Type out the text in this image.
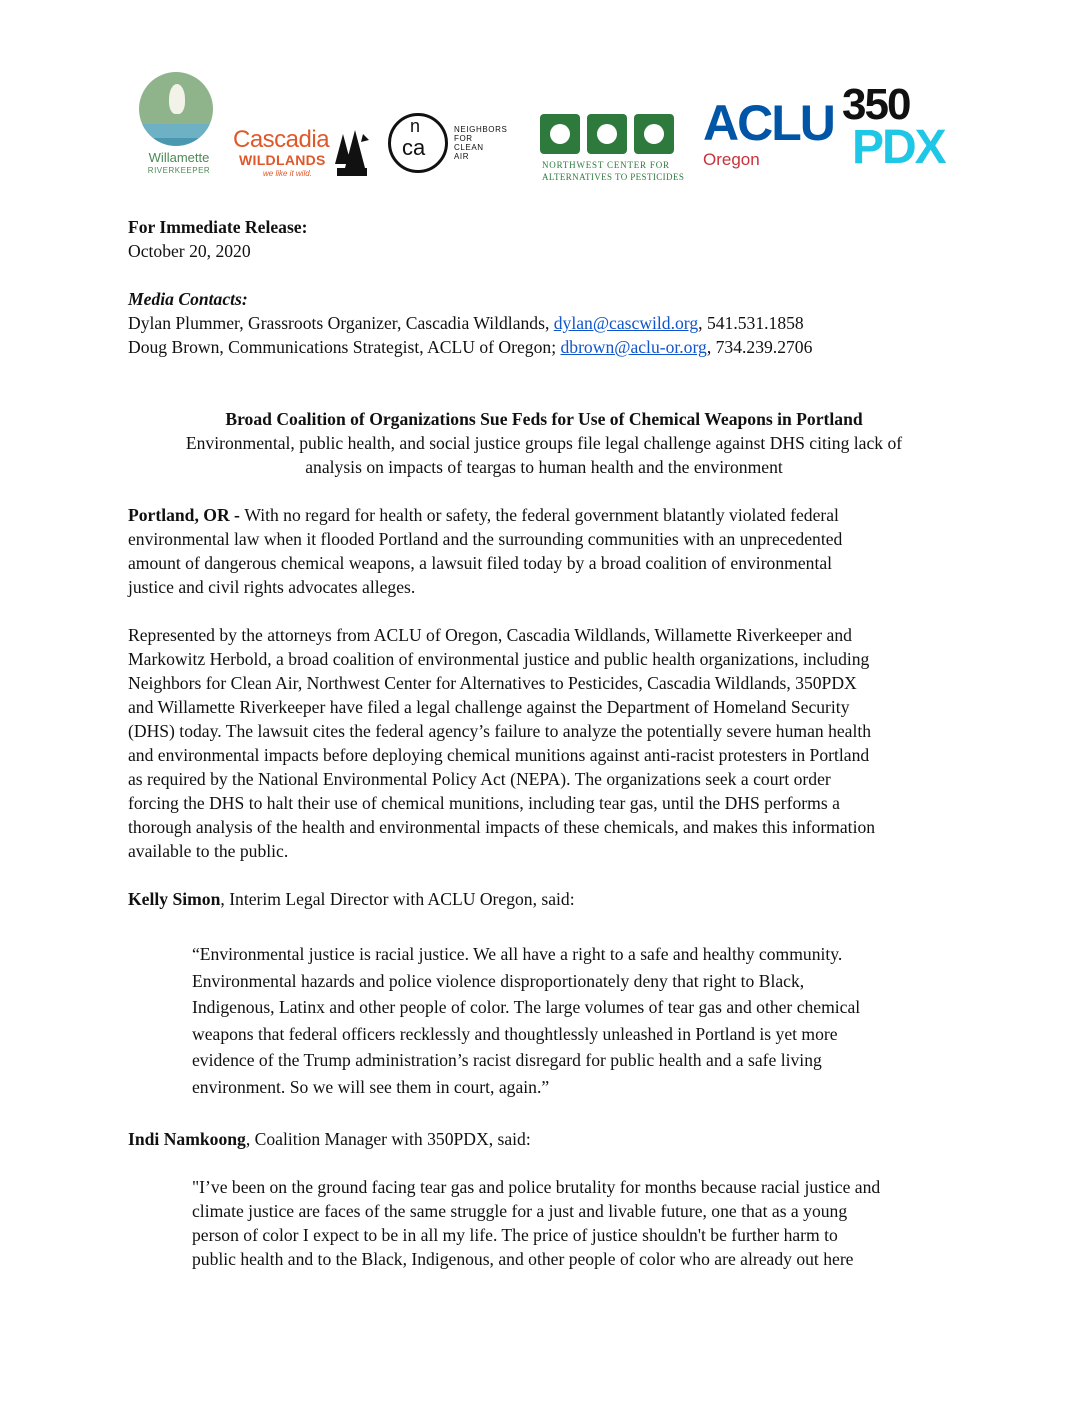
Willamette
RIVERKEEPER
Cascadia
WILDLANDS
we like it wild.
n
ca
NEIGHBORS
FOR
CLEAN
AIR
NORTHWEST CENTER FOR
ALTERNATIVES TO PESTICIDES
ACLU
Oregon
350
PDX
For Immediate Release:
October 20, 2020
Media Contacts:
Dylan Plummer, Grassroots Organizer, Cascadia Wildlands, dylan@cascwild.org, 541.531.1858
Doug Brown, Communications Strategist, ACLU of Oregon; dbrown@aclu-or.org, 734.239.2706
Broad Coalition of Organizations Sue Feds for Use of Chemical Weapons in Portland
Environmental, public health, and social justice groups file legal challenge against DHS citing lack of
analysis on impacts of teargas to human health and the environment
Portland, OR - With no regard for health or safety, the federal government blatantly violated federal
environmental law when it flooded Portland and the surrounding communities with an unprecedented
amount of dangerous chemical weapons, a lawsuit filed today by a broad coalition of environmental
justice and civil rights advocates alleges.
Represented by the attorneys from ACLU of Oregon, Cascadia Wildlands, Willamette Riverkeeper and
Markowitz Herbold, a broad coalition of environmental justice and public health organizations, including
Neighbors for Clean Air, Northwest Center for Alternatives to Pesticides, Cascadia Wildlands, 350PDX
and Willamette Riverkeeper have filed a legal challenge against the Department of Homeland Security
(DHS) today. The lawsuit cites the federal agency’s failure to analyze the potentially severe human health
and environmental impacts before deploying chemical munitions against anti-racist protesters in Portland
as required by the National Environmental Policy Act (NEPA). The organizations seek a court order
forcing the DHS to halt their use of chemical munitions, including tear gas, until the DHS performs a
thorough analysis of the health and environmental impacts of these chemicals, and makes this information
available to the public.
Kelly Simon, Interim Legal Director with ACLU Oregon, said:
“Environmental justice is racial justice. We all have a right to a safe and healthy community.
Environmental hazards and police violence disproportionately deny that right to Black,
Indigenous, Latinx and other people of color. The large volumes of tear gas and other chemical
weapons that federal officers recklessly and thoughtlessly unleashed in Portland is yet more
evidence of the Trump administration’s racist disregard for public health and a safe living
environment. So we will see them in court, again.”
Indi Namkoong, Coalition Manager with 350PDX, said:
"I’ve been on the ground facing tear gas and police brutality for months because racial justice and
climate justice are faces of the same struggle for a just and livable future, one that as a young
person of color I expect to be in all my life. The price of justice shouldn't be further harm to
public health and to the Black, Indigenous, and other people of color who are already out here
